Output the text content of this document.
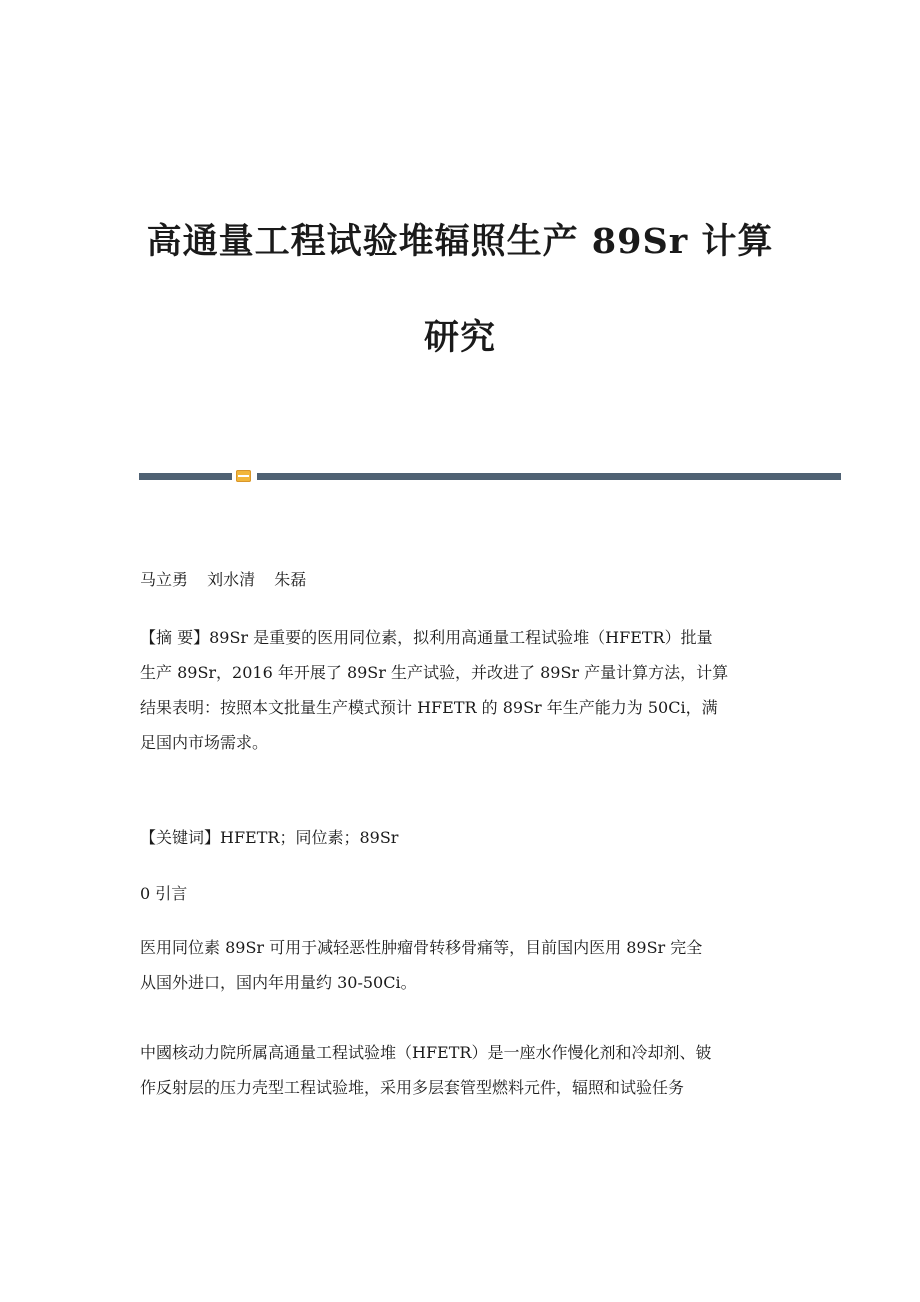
高通量工程试验堆辐照生产 89Sr 计算
研究

马立勇 刘水清 朱磊

【摘 要】89Sr 是重要的医用同位素，拟利用高通量工程试验堆（HFETR）批量
生产 89Sr，2016 年开展了 89Sr 生产试验，并改进了 89Sr 产量计算方法，计算
结果表明：按照本文批量生产模式预计 HFETR 的 89Sr 年生产能力为 50Ci，满
足国内市场需求。

【关键词】HFETR；同位素；89Sr

0 引言

医用同位素 89Sr 可用于减轻恶性肿瘤骨转移骨痛等，目前国内医用 89Sr 完全
从国外进口，国内年用量约 30-50Ci。

中國核动力院所属高通量工程试验堆（HFETR）是一座水作慢化剂和冷却剂、铍
作反射层的压力壳型工程试验堆，采用多层套管型燃料元件，辐照和试验任务
